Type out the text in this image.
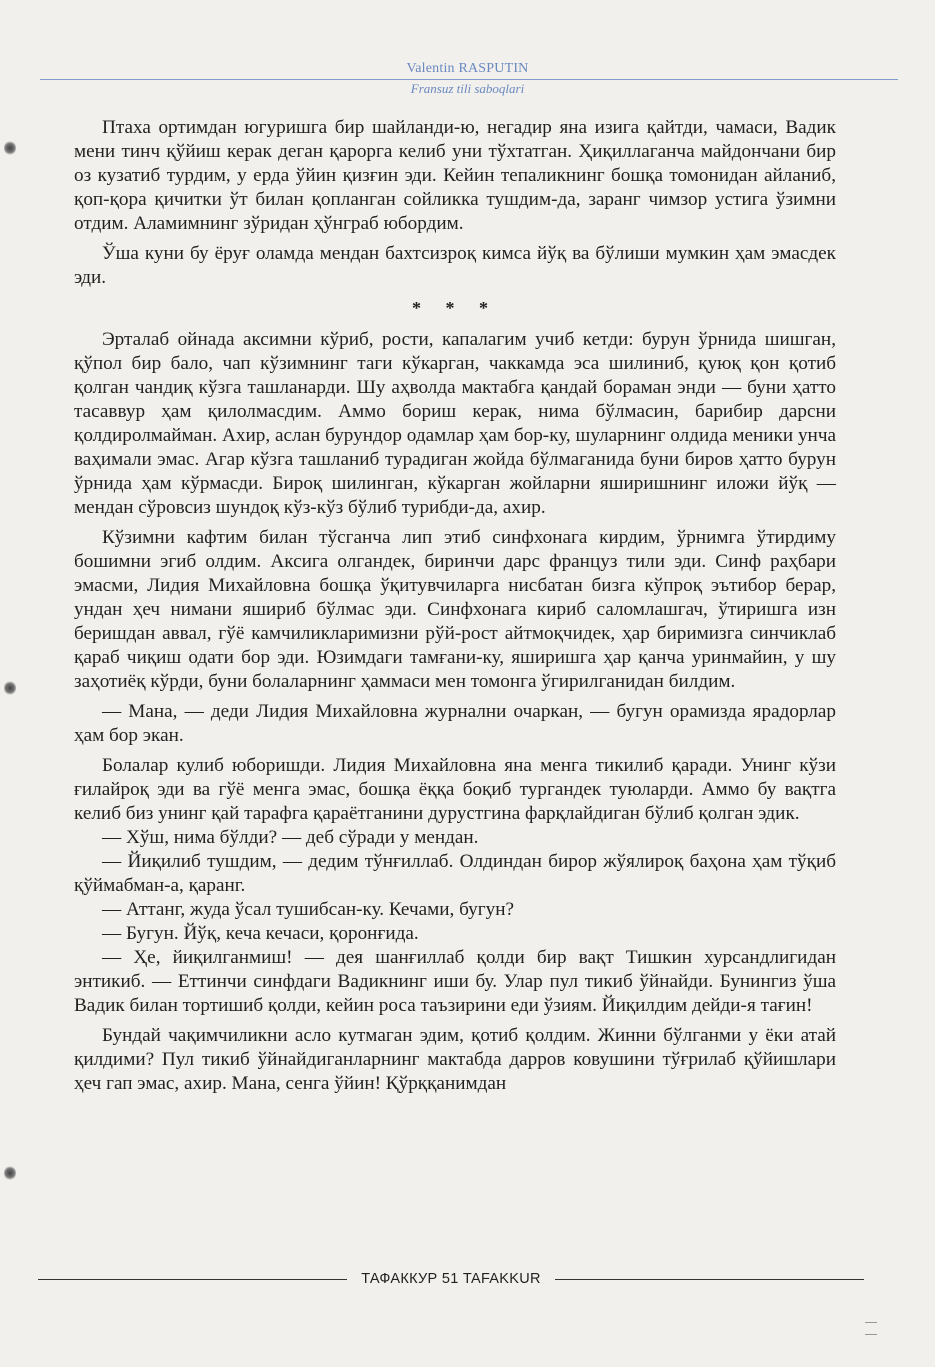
Valentin RASPUTIN
Fransuz tili saboqlari

Птаха ортимдан югуришга бир шайланди-ю, негадир яна изига қайтди, чамаси, Вадик мени тинч қўйиш керак деган қарорга келиб уни тўхтатган. Ҳиқиллаганча майдончани бир оз кузатиб турдим, у ерда ўйин қизғин эди. Кейин тепаликнинг бошқа томонидан айланиб, қоп-қора қичитки ўт билан қопланган сойликка тушдим-да, заранг чимзор устига ўзимни отдим. Аламимнинг зўридан ҳўнграб юбордим.

Ўша куни бу ёруғ оламда мендан бахтсизроқ кимса йўқ ва бўлиши мумкин ҳам эмасдек эди.

* * *

Эрталаб ойнада аксимни кўриб, рости, капалагим учиб кетди: бурун ўрнида шишган, қўпол бир бало, чап кўзимнинг таги кўкарган, чаккамда эса шилиниб, қуюқ қон қотиб қолган чандиқ кўзга ташланарди. Шу аҳволда мактабга қандай бораман энди — буни ҳатто тасаввур ҳам қилолмасдим. Аммо бориш керак, нима бўлмасин, барибир дарсни қолдиролмайман. Ахир, аслан бурундор одамлар ҳам бор-ку, шуларнинг олдида меники унча ваҳимали эмас. Агар кўзга ташланиб турадиган жойда бўлмаганида буни биров ҳатто бурун ўрнида ҳам кўрмасди. Бироқ шилинган, кўкарган жойларни яширишнинг иложи йўқ — мендан сўровсиз шундоқ кўз-кўз бўлиб турибди-да, ахир.

Кўзимни кафтим билан тўсганча лип этиб синфхонага кирдим, ўрнимга ўтирдиму бошимни эгиб олдим. Аксига олгандек, биринчи дарс француз тили эди. Синф раҳбари эмасми, Лидия Михайловна бошқа ўқитувчиларга нисбатан бизга кўпроқ эътибор берар, ундан ҳеч нимани яшириб бўлмас эди. Синфхонага кириб саломлашгач, ўтиришга изн беришдан аввал, гўё камчиликларимизни рўй-рост айтмоқчидек, ҳар биримизга синчиклаб қараб чиқиш одати бор эди. Юзимдаги тамғани-ку, яширишга ҳар қанча уринмайин, у шу заҳотиёқ кўрди, буни болаларнинг ҳаммаси мен томонга ўгирилганидан билдим.

— Мана, — деди Лидия Михайловна журнални очаркан, — бугун орамизда ярадорлар ҳам бор экан.

Болалар кулиб юборишди. Лидия Михайловна яна менга тикилиб қаради. Унинг кўзи ғилайроқ эди ва гўё менга эмас, бошқа ёққа боқиб тургандек туюларди. Аммо бу вақтга келиб биз унинг қай тарафга қараётганини дурустгина фарқлайдиган бўлиб қолган эдик.

— Хўш, нима бўлди? — деб сўради у мендан.

— Йиқилиб тушдим, — дедим тўнғиллаб. Олдиндан бирор жўялироқ баҳона ҳам тўқиб қўймабман-а, қаранг.

— Аттанг, жуда ўсал тушибсан-ку. Кечами, бугун?

— Бугун. Йўқ, кеча кечаси, қоронғида.

— Ҳе, йиқилганмиш! — дея шанғиллаб қолди бир вақт Тишкин хурсандлигидан энтикиб. — Еттинчи синфдаги Вадикнинг иши бу. Улар пул тикиб ўйнайди. Бунингиз ўша Вадик билан тортишиб қолди, кейин роса таъзирини еди ўзиям. Йиқилдим дейди-я тағин!

Бундай чақимчиликни асло кутмаган эдим, қотиб қолдим. Жинни бўлганми у ёки атай қилдими? Пул тикиб ўйнайдиганларнинг мактабда дарров ковушини тўғрилаб қўйишлари ҳеч гап эмас, ахир. Мана, сенга ўйин! Қўрққанимдан

ТАФАККУР 51 TAFAKKUR
